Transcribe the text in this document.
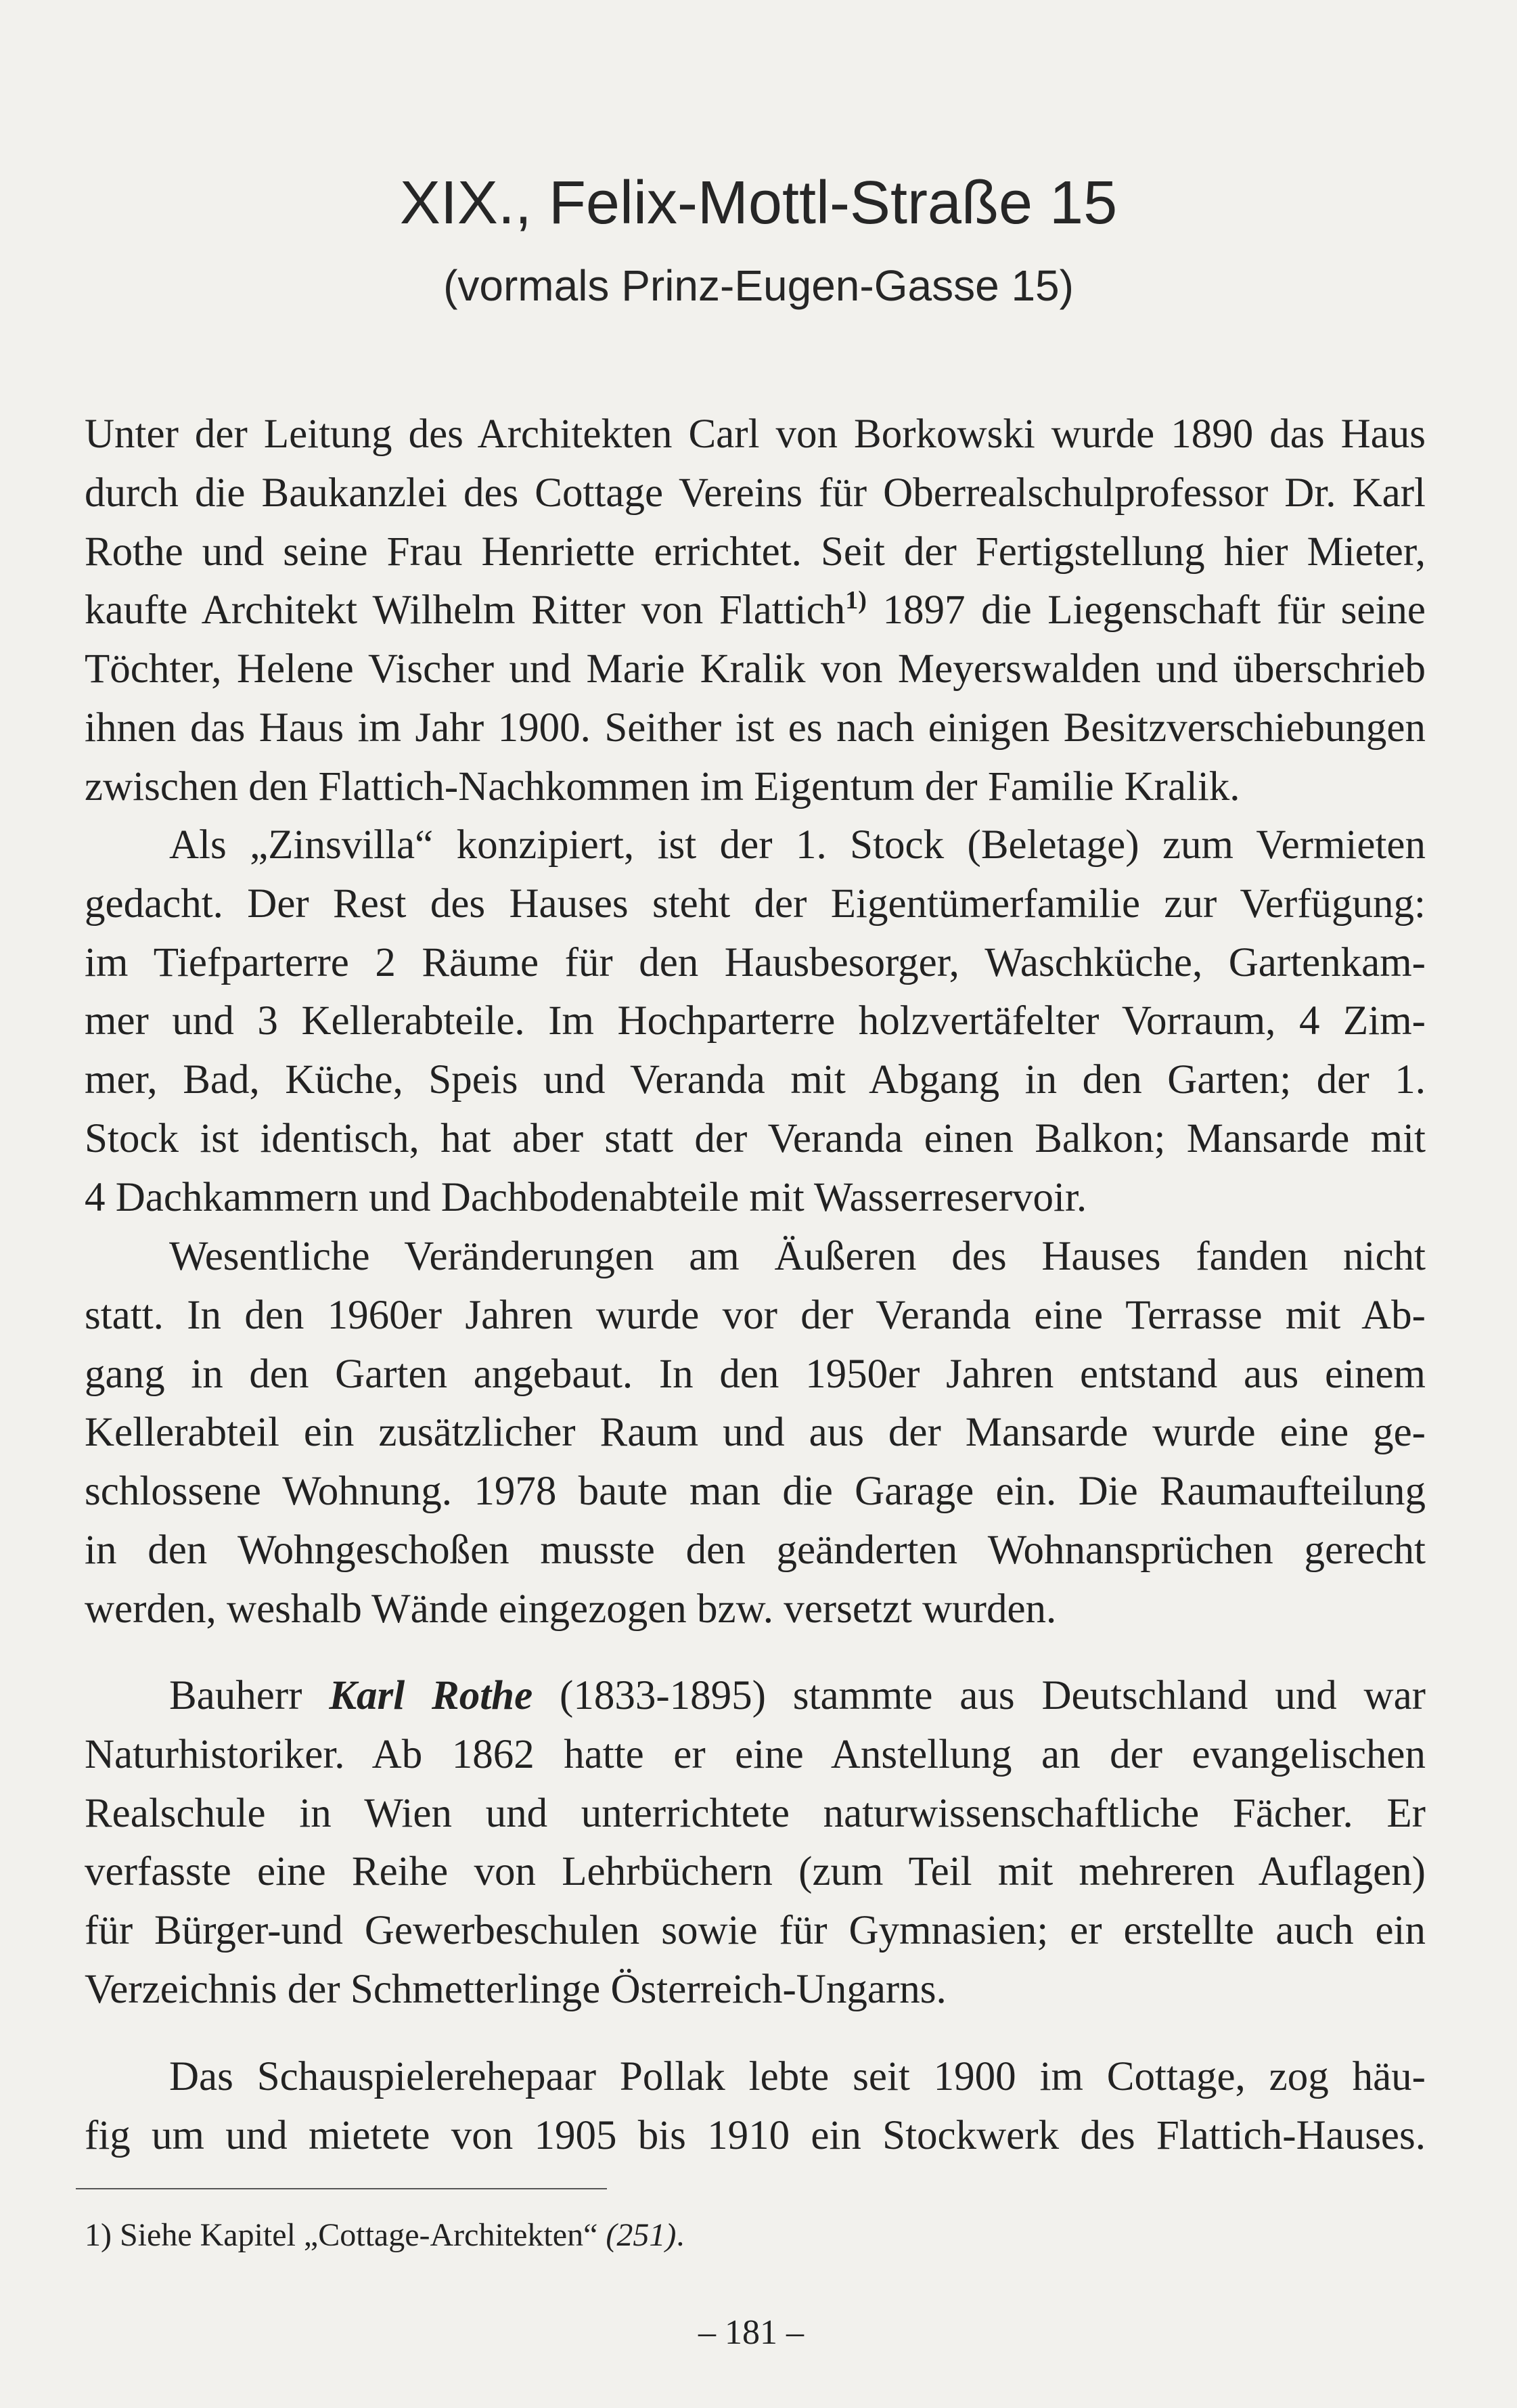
XIX., Felix-Mottl-Straße 15
(vormals Prinz-Eugen-Gasse 15)
Unter der Leitung des Architekten Carl von Borkowski wurde 1890 das Haus
durch die Baukanzlei des Cottage Vereins für Oberrealschulprofessor Dr. Karl
Rothe und seine Frau Henriette errichtet. Seit der Fertigstellung hier Mieter,
kaufte Architekt Wilhelm Ritter von Flattich$^{1)}$ 1897 die Liegenschaft für seine
Töchter, Helene Vischer und Marie Kralik von Meyerswalden und überschrieb
ihnen das Haus im Jahr 1900. Seither ist es nach einigen Besitzverschiebungen
zwischen den Flattich-Nachkommen im Eigentum der Familie Kralik.
Als „Zinsvilla“ konzipiert, ist der 1. Stock (Beletage) zum Vermieten
gedacht. Der Rest des Hauses steht der Eigentümerfamilie zur Verfügung:
im Tiefparterre 2 Räume für den Hausbesorger, Waschküche, Gartenkam-
mer und 3 Kellerabteile. Im Hochparterre holzvertäfelter Vorraum, 4 Zim-
mer, Bad, Küche, Speis und Veranda mit Abgang in den Garten; der 1.
Stock ist identisch, hat aber statt der Veranda einen Balkon; Mansarde mit
4 Dachkammern und Dachbodenabteile mit Wasserreservoir.
Wesentliche Veränderungen am Äußeren des Hauses fanden nicht
statt. In den 1960er Jahren wurde vor der Veranda eine Terrasse mit Ab-
gang in den Garten angebaut. In den 1950er Jahren entstand aus einem
Kellerabteil ein zusätzlicher Raum und aus der Mansarde wurde eine ge-
schlossene Wohnung. 1978 baute man die Garage ein. Die Raumaufteilung
in den Wohngeschoßen musste den geänderten Wohnansprüchen gerecht
werden, weshalb Wände eingezogen bzw. versetzt wurden.
Bauherr Karl Rothe (1833-1895) stammte aus Deutschland und war
Naturhistoriker. Ab 1862 hatte er eine Anstellung an der evangelischen
Realschule in Wien und unterrichtete naturwissenschaftliche Fächer. Er
verfasste eine Reihe von Lehrbüchern (zum Teil mit mehreren Auflagen)
für Bürger-und Gewerbeschulen sowie für Gymnasien; er erstellte auch ein
Verzeichnis der Schmetterlinge Österreich-Ungarns.
Das Schauspielerehepaar Pollak lebte seit 1900 im Cottage, zog häu-
fig um und mietete von 1905 bis 1910 ein Stockwerk des Flattich-Hauses.
1) Siehe Kapitel „Cottage-Architekten“ (251).
– 181 –
